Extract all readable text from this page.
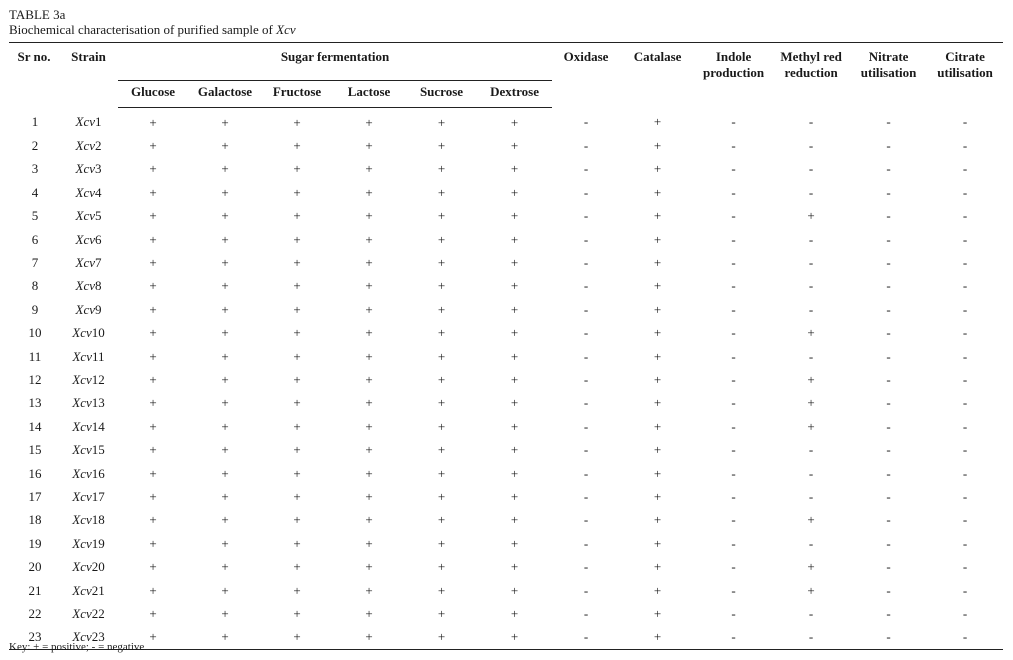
TABLE 3a
Biochemical characterisation of purified sample of Xcv
Sr no.	Strain	Sugar fermentation						Oxidase	Catalase	Indole production	Methyl red reduction	Nitrate utilisation	Citrate utilisation
		Glucose	Galactose	Fructose	Lactose	Sucrose	Dextrose						
1	Xcv1	+	+	+	+	+	+	-	+	-	-	-	-
2	Xcv2	+	+	+	+	+	+	-	+	-	-	-	-
3	Xcv3	+	+	+	+	+	+	-	+	-	-	-	-
4	Xcv4	+	+	+	+	+	+	-	+	-	-	-	-
5	Xcv5	+	+	+	+	+	+	-	+	-	+	-	-
6	Xcv6	+	+	+	+	+	+	-	+	-	-	-	-
7	Xcv7	+	+	+	+	+	+	-	+	-	-	-	-
8	Xcv8	+	+	+	+	+	+	-	+	-	-	-	-
9	Xcv9	+	+	+	+	+	+	-	+	-	-	-	-
10	Xcv10	+	+	+	+	+	+	-	+	-	+	-	-
11	Xcv11	+	+	+	+	+	+	-	+	-	-	-	-
12	Xcv12	+	+	+	+	+	+	-	+	-	+	-	-
13	Xcv13	+	+	+	+	+	+	-	+	-	+	-	-
14	Xcv14	+	+	+	+	+	+	-	+	-	+	-	-
15	Xcv15	+	+	+	+	+	+	-	+	-	-	-	-
16	Xcv16	+	+	+	+	+	+	-	+	-	-	-	-
17	Xcv17	+	+	+	+	+	+	-	+	-	-	-	-
18	Xcv18	+	+	+	+	+	+	-	+	-	+	-	-
19	Xcv19	+	+	+	+	+	+	-	+	-	-	-	-
20	Xcv20	+	+	+	+	+	+	-	+	-	+	-	-
21	Xcv21	+	+	+	+	+	+	-	+	-	+	-	-
22	Xcv22	+	+	+	+	+	+	-	+	-	-	-	-
23	Xcv23	+	+	+	+	+	+	-	+	-	-	-	-
Key: + = positive; - = negative
